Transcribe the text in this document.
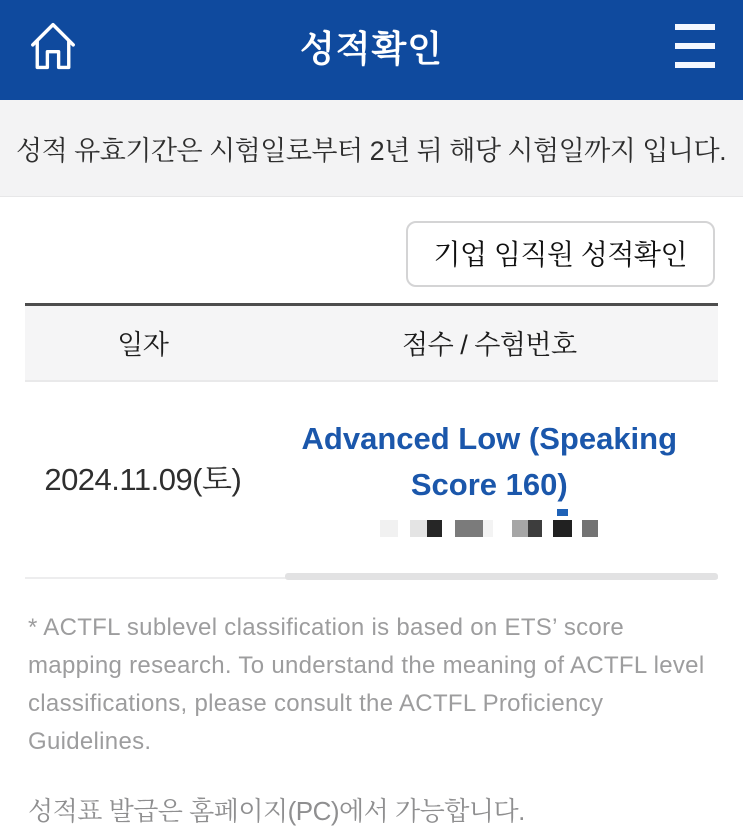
성적확인
성적 유효기간은 시험일로부터 2년 뒤 해당 시험일까지 입니다.
기업 임직원 성적확인
일자	점수 / 수험번호
2024.11.09(토)
Advanced Low (Speaking
Score 160)
* ACTFL sublevel classification is based on ETS’ score
mapping research. To understand the meaning of ACTFL level
classifications, please consult the ACTFL Proficiency
Guidelines.
성적표 발급은 홈페이지(PC)에서 가능합니다.
